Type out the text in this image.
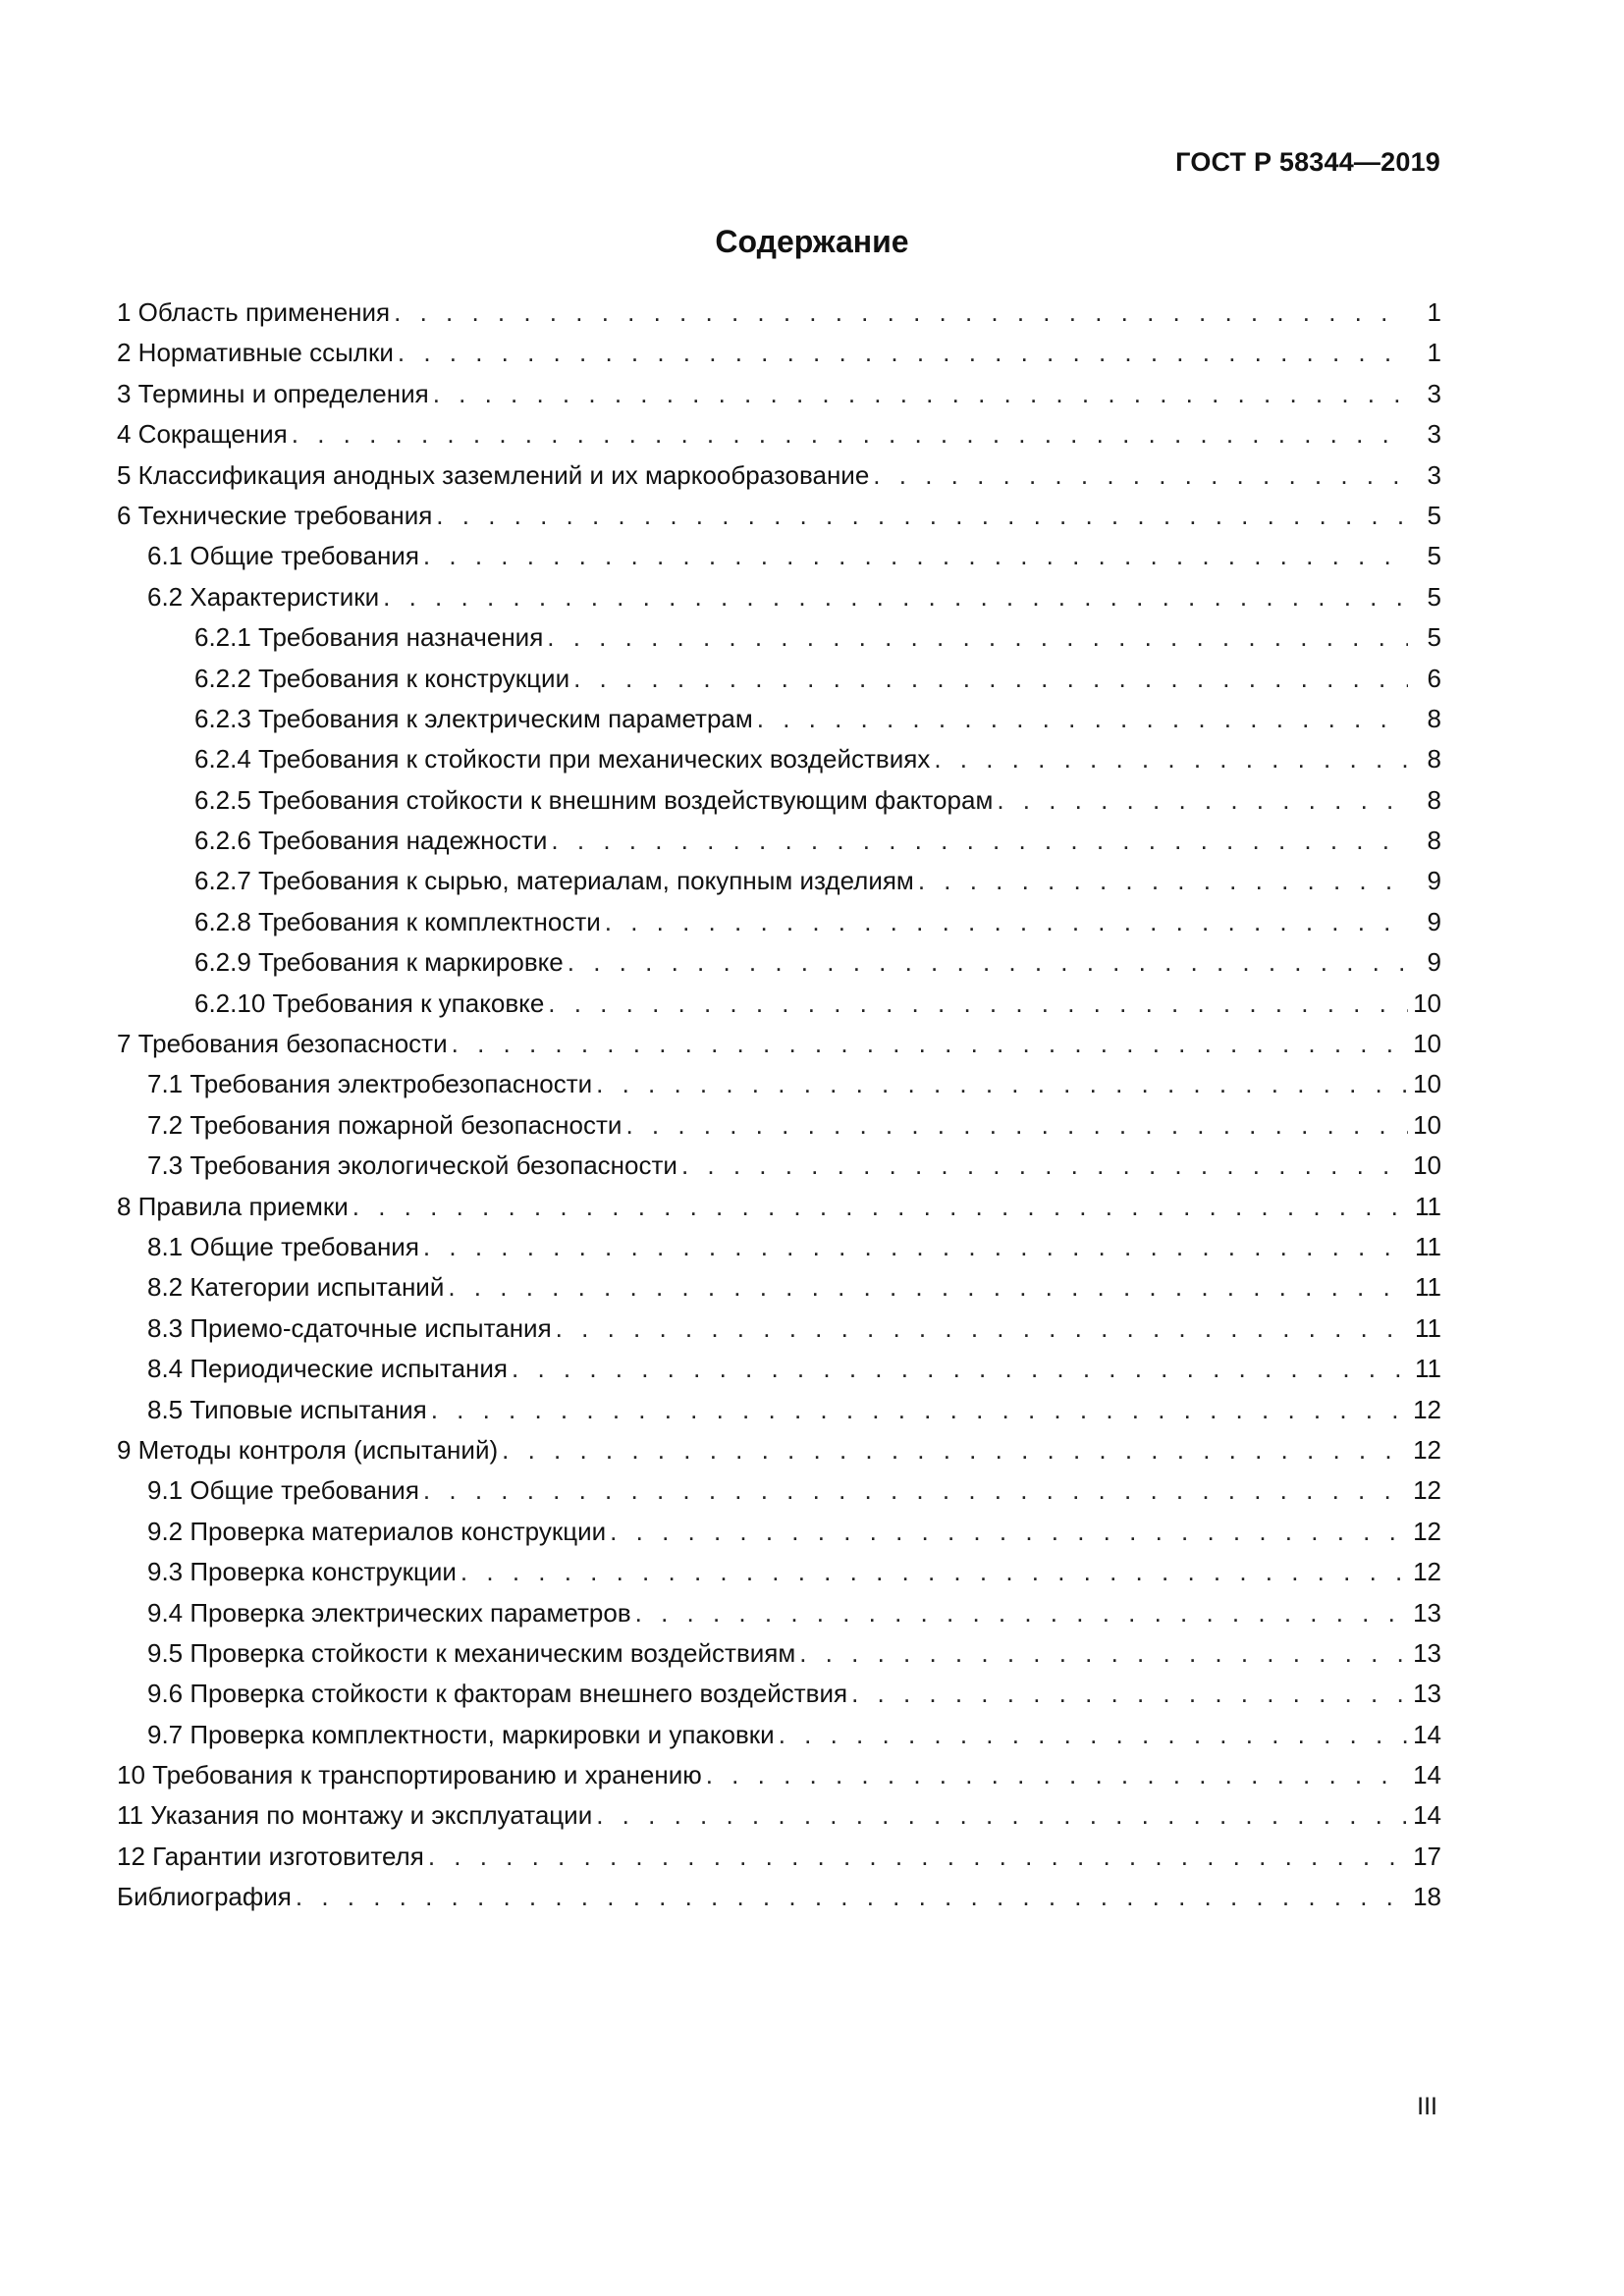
ГОСТ Р 58344—2019
Содержание
1 Область применения . . .	1
2 Нормативные ссылки . . .	1
3 Термины и определения . . .	3
4 Сокращения . . .	3
5 Классификация анодных заземлений и их маркообразование . . .	3
6 Технические требования . . .	5
6.1 Общие требования . . .	5
6.2 Характеристики . . .	5
6.2.1 Требования назначения . . .	5
6.2.2 Требования к конструкции . . .	6
6.2.3 Требования к электрическим параметрам . . .	8
6.2.4 Требования к стойкости при механических воздействиях . . .	8
6.2.5 Требования стойкости к внешним воздействующим факторам . . .	8
6.2.6 Требования надежности . . .	8
6.2.7 Требования к сырью, материалам, покупным изделиям . . .	9
6.2.8 Требования к комплектности . . .	9
6.2.9 Требования к маркировке . . .	9
6.2.10 Требования к упаковке . . .	10
7 Требования безопасности . . .	10
7.1 Требования электробезопасности . . .	10
7.2 Требования пожарной безопасности . . .	10
7.3 Требования экологической безопасности . . .	10
8 Правила приемки . . .	11
8.1 Общие требования . . .	11
8.2 Категории испытаний . . .	11
8.3 Приемо-сдаточные испытания . . .	11
8.4 Периодические испытания . . .	11
8.5 Типовые испытания . . .	12
9 Методы контроля (испытаний) . . .	12
9.1 Общие требования . . .	12
9.2 Проверка материалов конструкции . . .	12
9.3 Проверка конструкции . . .	12
9.4 Проверка электрических параметров . . .	13
9.5 Проверка стойкости к механическим воздействиям . . .	13
9.6 Проверка стойкости к факторам внешнего воздействия . . .	13
9.7 Проверка комплектности, маркировки и упаковки . . .	14
10 Требования к транспортированию и хранению . . .	14
11 Указания по монтажу и эксплуатации . . .	14
12 Гарантии изготовителя . . .	17
Библиография . . .	18
III
